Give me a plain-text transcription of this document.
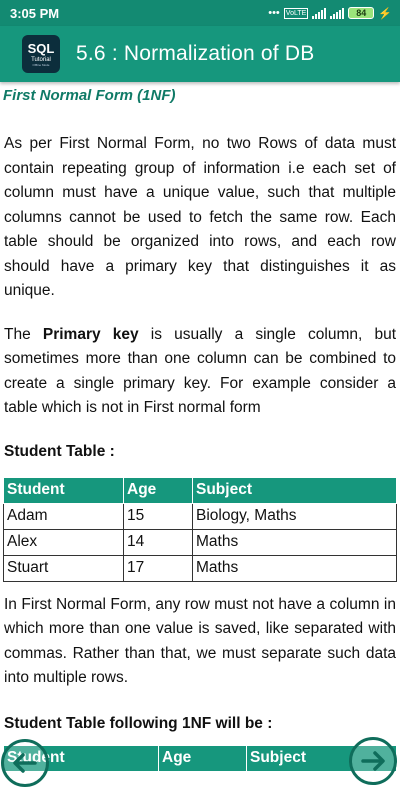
3:05 PM	••• VoLTE	84 ⚡
SQL
Tutorial
Offline Mode 5.6 : Normalization of DB
First Normal Form (1NF)

As per First Normal Form, no two Rows of data must contain repeating group of information i.e each set of column must have a unique value, such that multiple columns cannot be used to fetch the same row. Each table should be organized into rows, and each row should have a primary key that distinguishes it as unique.

The Primary key is usually a single column, but sometimes more than one column can be combined to create a single primary key. For example consider a table which is not in First normal form

Student Table :
Student	Age	Subject
Adam	15	Biology, Maths
Alex	14	Maths
Stuart	17	Maths

In First Normal Form, any row must not have a column in which more than one value is saved, like separated with commas. Rather than that, we must separate such data into multiple rows.

Student Table following 1NF will be :
Student	Age	Subject
